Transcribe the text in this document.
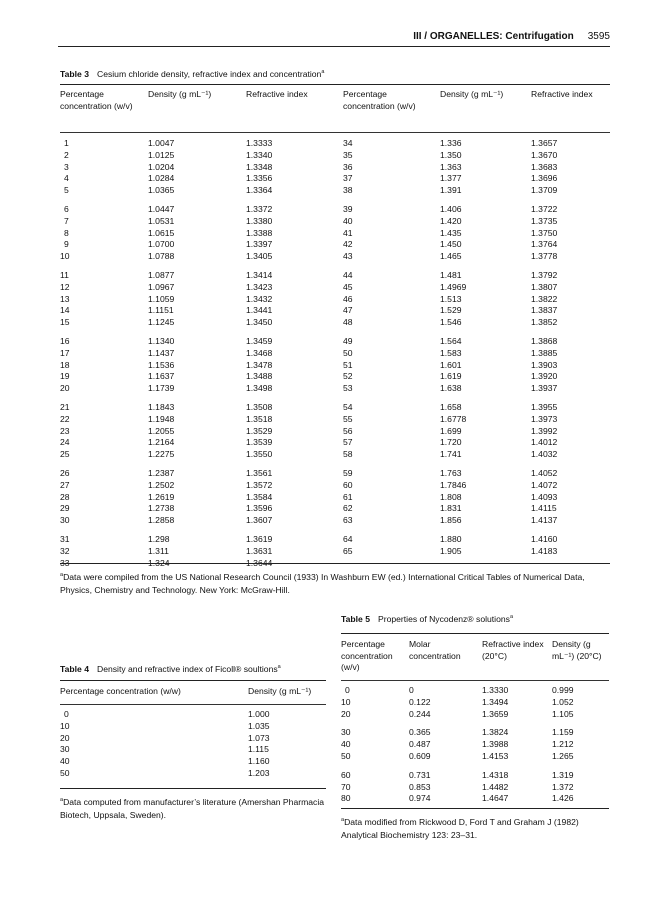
III / ORGANELLES: Centrifugation 3595
Table 3 Cesium chloride density, refractive index and concentration$^a$
Percentage concentration (w/v)	Density (g mL⁻¹)	Refractive index	Percentage concentration (w/v)	Density (g mL⁻¹)	Refractive index
1	1.0047	1.3333	34	1.336	1.3657
2	1.0125	1.3340	35	1.350	1.3670
3	1.0204	1.3348	36	1.363	1.3683
4	1.0284	1.3356	37	1.377	1.3696
5	1.0365	1.3364	38	1.391	1.3709
6	1.0447	1.3372	39	1.406	1.3722
7	1.0531	1.3380	40	1.420	1.3735
8	1.0615	1.3388	41	1.435	1.3750
9	1.0700	1.3397	42	1.450	1.3764
10	1.0788	1.3405	43	1.465	1.3778
11	1.0877	1.3414	44	1.481	1.3792
12	1.0967	1.3423	45	1.4969	1.3807
13	1.1059	1.3432	46	1.513	1.3822
14	1.1151	1.3441	47	1.529	1.3837
15	1.1245	1.3450	48	1.546	1.3852
16	1.1340	1.3459	49	1.564	1.3868
17	1.1437	1.3468	50	1.583	1.3885
18	1.1536	1.3478	51	1.601	1.3903
19	1.1637	1.3488	52	1.619	1.3920
20	1.1739	1.3498	53	1.638	1.3937
21	1.1843	1.3508	54	1.658	1.3955
22	1.1948	1.3518	55	1.6778	1.3973
23	1.2055	1.3529	56	1.699	1.3992
24	1.2164	1.3539	57	1.720	1.4012
25	1.2275	1.3550	58	1.741	1.4032
26	1.2387	1.3561	59	1.763	1.4052
27	1.2502	1.3572	60	1.7846	1.4072
28	1.2619	1.3584	61	1.808	1.4093
29	1.2738	1.3596	62	1.831	1.4115
30	1.2858	1.3607	63	1.856	1.4137
31	1.298	1.3619	64	1.880	1.4160
32	1.311	1.3631	65	1.905	1.4183
33	1.324	1.3644			
$^a$Data were compiled from the US National Research Council (1933) In Washburn EW (ed.) International Critical Tables of Numerical Data, Physics, Chemistry and Technology. New York: McGraw-Hill.
Table 4 Density and refractive index of Ficoll® soultions$^a$
Percentage concentration (w/w)	Density (g mL⁻¹)
0	1.000
10	1.035
20	1.073
30	1.115
40	1.160
50	1.203
$^a$Data computed from manufacturer’s literature (Amershan Pharmacia Biotech, Uppsala, Sweden).
Table 5 Properties of Nycodenz® solutions$^a$
Percentage concentration (w/v)	Molar concentration	Refractive index (20°C)	Density (g mL⁻¹) (20°C)
0	0	1.3330	0.999
10	0.122	1.3494	1.052
20	0.244	1.3659	1.105
30	0.365	1.3824	1.159
40	0.487	1.3988	1.212
50	0.609	1.4153	1.265
60	0.731	1.4318	1.319
70	0.853	1.4482	1.372
80	0.974	1.4647	1.426
$^a$Data modified from Rickwood D, Ford T and Graham J (1982) Analytical Biochemistry 123: 23–31.
